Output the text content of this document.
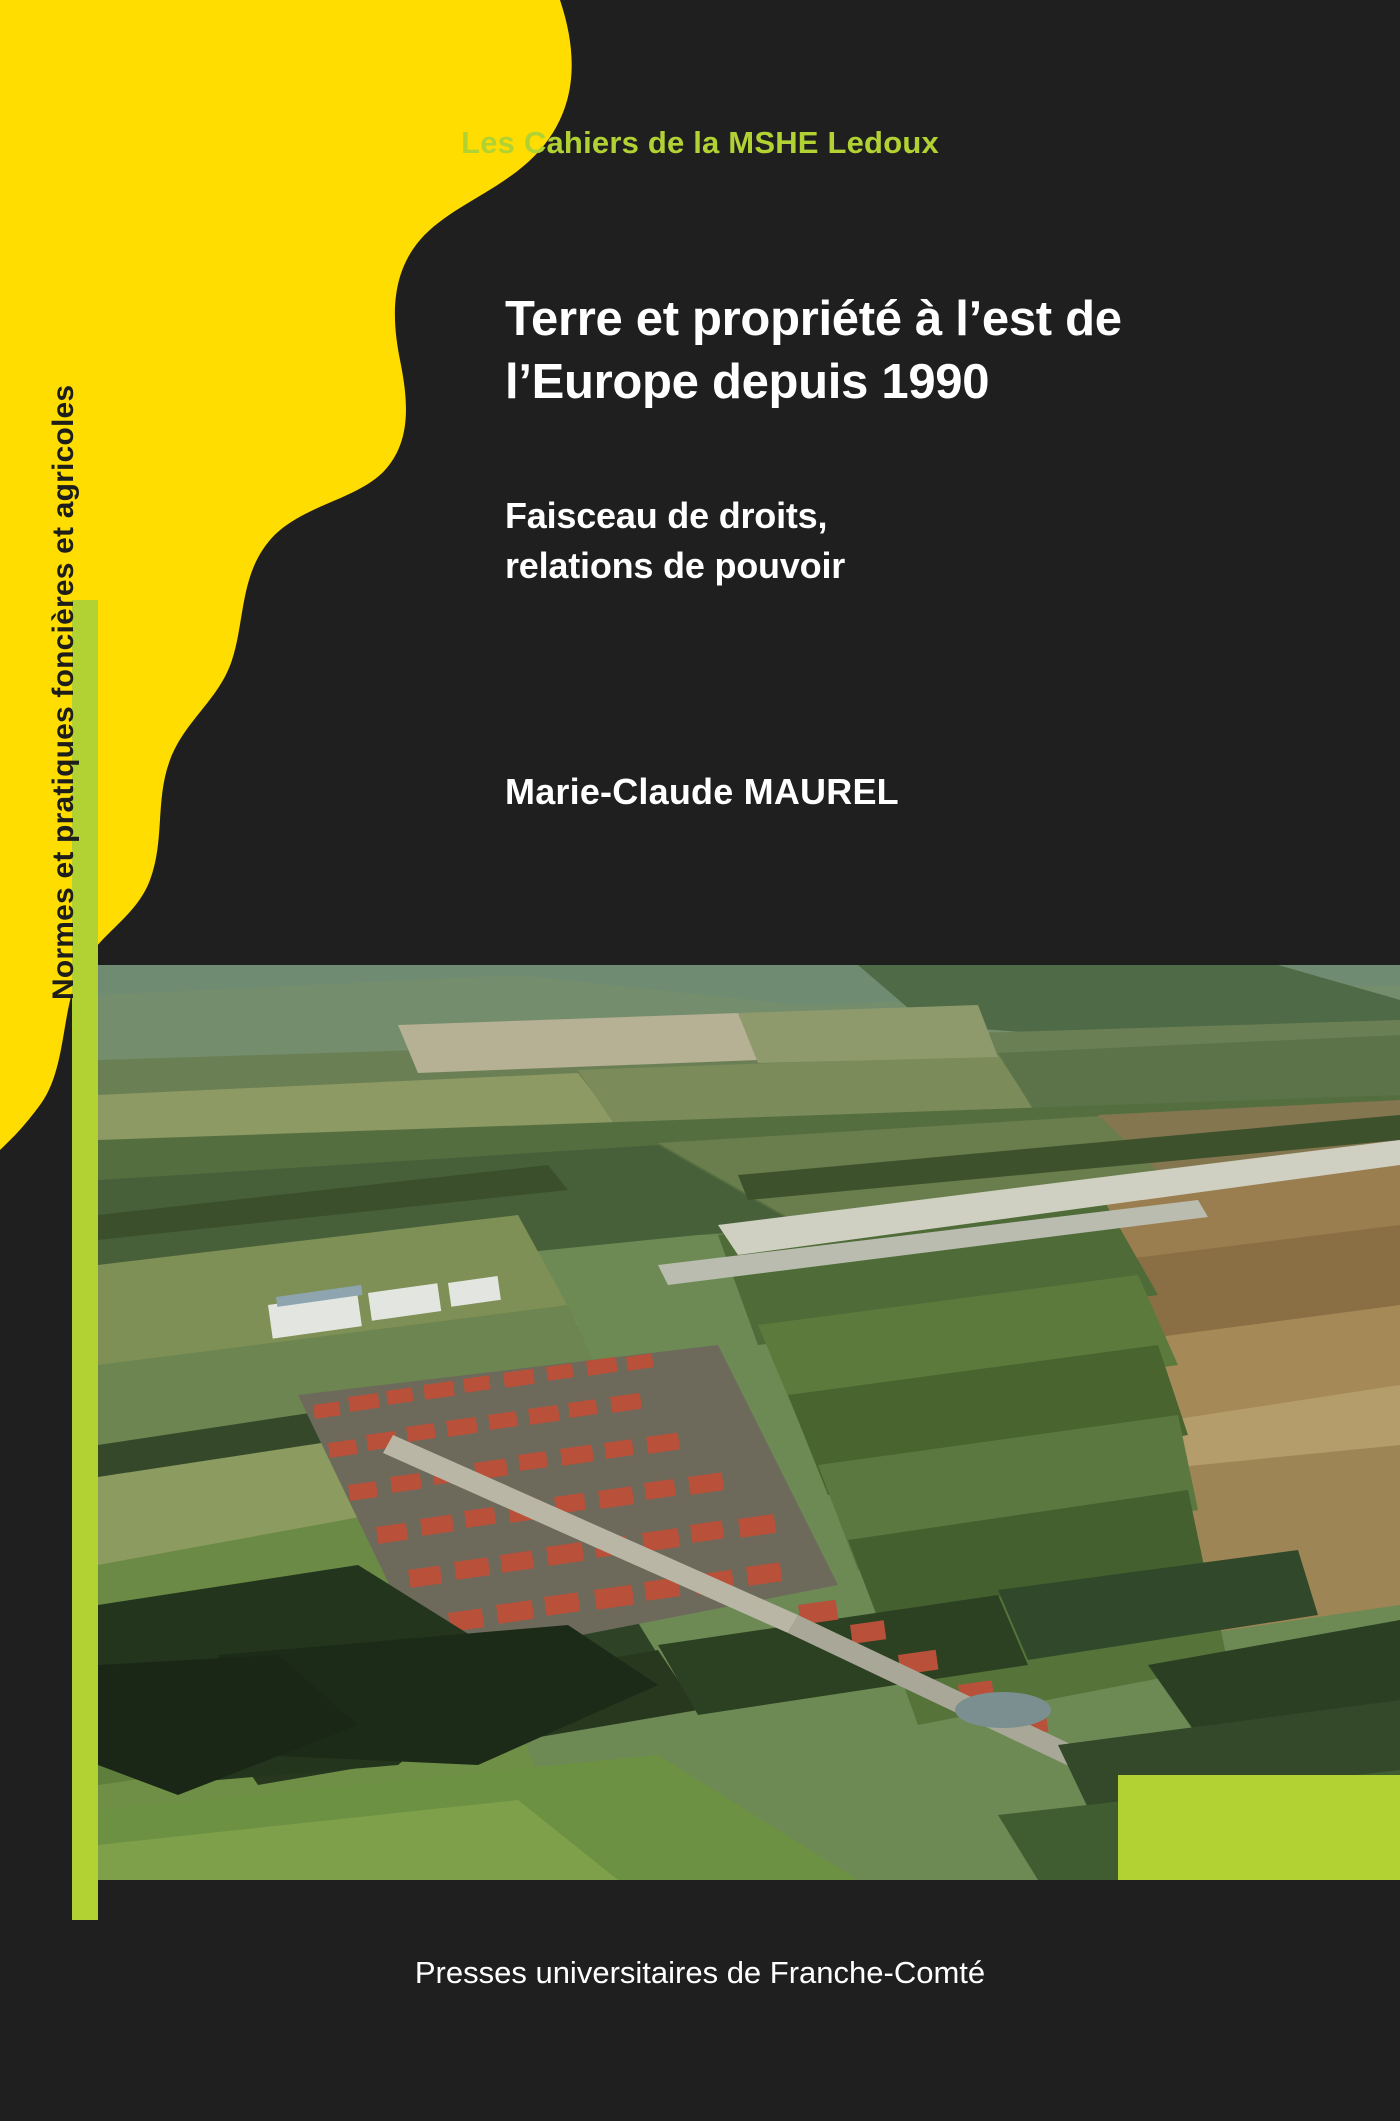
Normes et pratiques foncières et agricoles
Les Cahiers de la MSHE Ledoux
Terre et propriété à l’est de l’Europe depuis 1990

Faisceau de droits,
relations de pouvoir

Marie-Claude MAUREL

Presses universitaires de Franche-Comté
